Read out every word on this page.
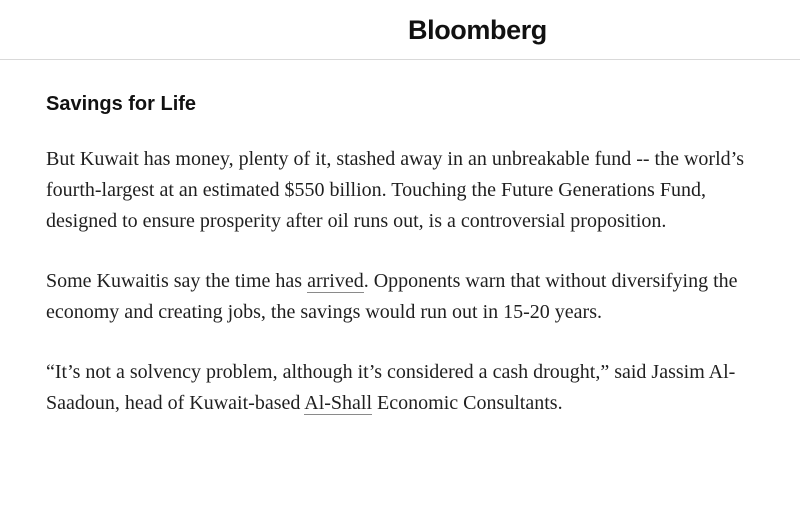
Bloomberg
Savings for Life

But Kuwait has money, plenty of it, stashed away in an unbreakable fund -- the world’s fourth-largest at an estimated $550 billion. Touching the Future Generations Fund, designed to ensure prosperity after oil runs out, is a controversial proposition.

Some Kuwaitis say the time has arrived. Opponents warn that without diversifying the economy and creating jobs, the savings would run out in 15-20 years.

“It’s not a solvency problem, although it’s considered a cash drought,” said Jassim Al-Saadoun, head of Kuwait-based Al-Shall Economic Consultants.
